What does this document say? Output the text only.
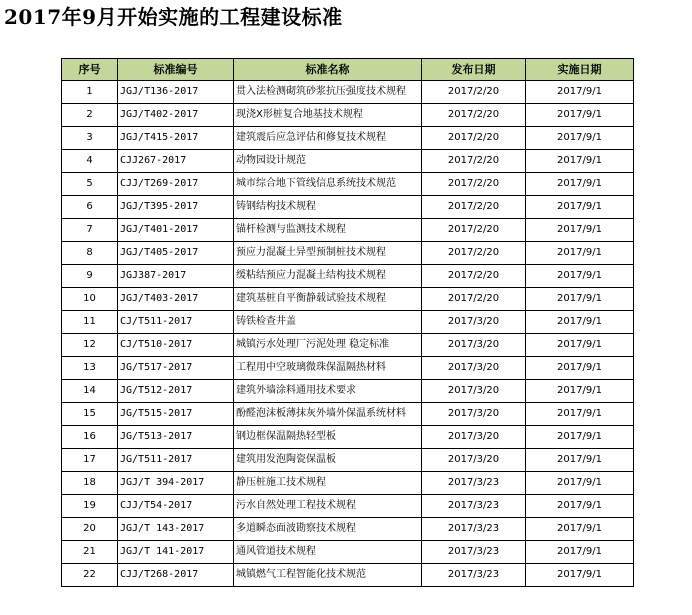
2017年9月开始实施的工程建设标准
序号	标准编号	标准名称	发布日期	实施日期
1	JGJ/T136-2017	贯入法检测砌筑砂浆抗压强度技术规程	2017/2/20	2017/9/1
2	JGJ/T402-2017	现浇X形桩复合地基技术规程	2017/2/20	2017/9/1
3	JGJ/T415-2017	建筑震后应急评估和修复技术规程	2017/2/20	2017/9/1
4	CJJ267-2017	动物园设计规范	2017/2/20	2017/9/1
5	CJJ/T269-2017	城市综合地下管线信息系统技术规范	2017/2/20	2017/9/1
6	JGJ/T395-2017	铸钢结构技术规程	2017/2/20	2017/9/1
7	JGJ/T401-2017	锚杆检测与监测技术规程	2017/2/20	2017/9/1
8	JGJ/T405-2017	预应力混凝土异型预制桩技术规程	2017/2/20	2017/9/1
9	JGJ387-2017	缓粘结预应力混凝土结构技术规程	2017/2/20	2017/9/1
10	JGJ/T403-2017	建筑基桩自平衡静载试验技术规程	2017/2/20	2017/9/1
11	CJ/T511-2017	铸铁检查井盖	2017/3/20	2017/9/1
12	CJ/T510-2017	城镇污水处理厂污泥处理 稳定标准	2017/3/20	2017/9/1
13	JG/T517-2017	工程用中空玻璃微珠保温隔热材料	2017/3/20	2017/9/1
14	JG/T512-2017	建筑外墙涂料通用技术要求	2017/3/20	2017/9/1
15	JG/T515-2017	酚醛泡沫板薄抹灰外墙外保温系统材料	2017/3/20	2017/9/1
16	JG/T513-2017	钢边框保温隔热轻型板	2017/3/20	2017/9/1
17	JG/T511-2017	建筑用发泡陶瓷保温板	2017/3/20	2017/9/1
18	JGJ/T 394-2017	静压桩施工技术规程	2017/3/23	2017/9/1
19	CJJ/T54-2017	污水自然处理工程技术规程	2017/3/23	2017/9/1
20	JGJ/T 143-2017	多道瞬态面波勘察技术规程	2017/3/23	2017/9/1
21	JGJ/T 141-2017	通风管道技术规程	2017/3/23	2017/9/1
22	CJJ/T268-2017	城镇燃气工程智能化技术规范	2017/3/23	2017/9/1
